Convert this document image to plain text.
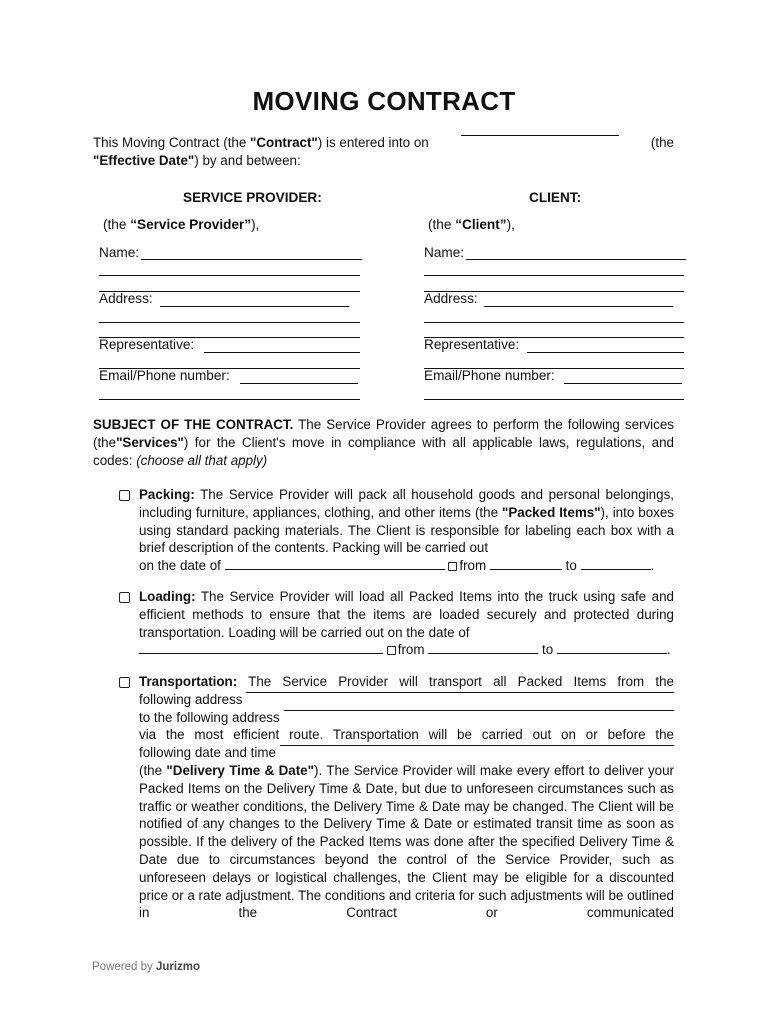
MOVING CONTRACT
This Moving Contract (the "Contract") is entered into on	(the
"Effective Date") by and between:
SERVICE PROVIDER:
(the “Service Provider”),
Name:
Address:
Representative:
Email/Phone number:
CLIENT:
(the “Client”),
Name:
Address:
Representative:
Email/Phone number:
SUBJECT OF THE CONTRACT. The Service Provider agrees to perform the following services (the"Services") for the Client's move in compliance with all applicable laws, regulations, and codes: (choose all that apply)
Packing: The Service Provider will pack all household goods and personal belongings, including furniture, appliances, clothing, and other items (the "Packed Items"), into boxes using standard packing materials. The Client is responsible for labeling each box with a brief description of the contents. Packing will be carried out
on the date of	from	to	.
Loading: The Service Provider will load all Packed Items into the truck using safe and efficient methods to ensure that the items are loaded securely and protected during transportation. Loading will be carried out on the date of
from	to	.
Transportation: The Service Provider will transport all Packed Items from the
following address
to the following address
via the most efficient route. Transportation will be carried out on or before the
following date and time
(the "Delivery Time & Date"). The Service Provider will make every effort to deliver your Packed Items on the Delivery Time & Date, but due to unforeseen circumstances such as traffic or weather conditions, the Delivery Time & Date may be changed. The Client will be notified of any changes to the Delivery Time & Date or estimated transit time as soon as possible. If the delivery of the Packed Items was done after the specified Delivery Time & Date due to circumstances beyond the control of the Service Provider, such as unforeseen delays or logistical challenges, the Client may be eligible for a discounted price or a rate adjustment. The conditions and criteria for such adjustments will be outlined in the Contract or communicated
Powered by Jurizmo
